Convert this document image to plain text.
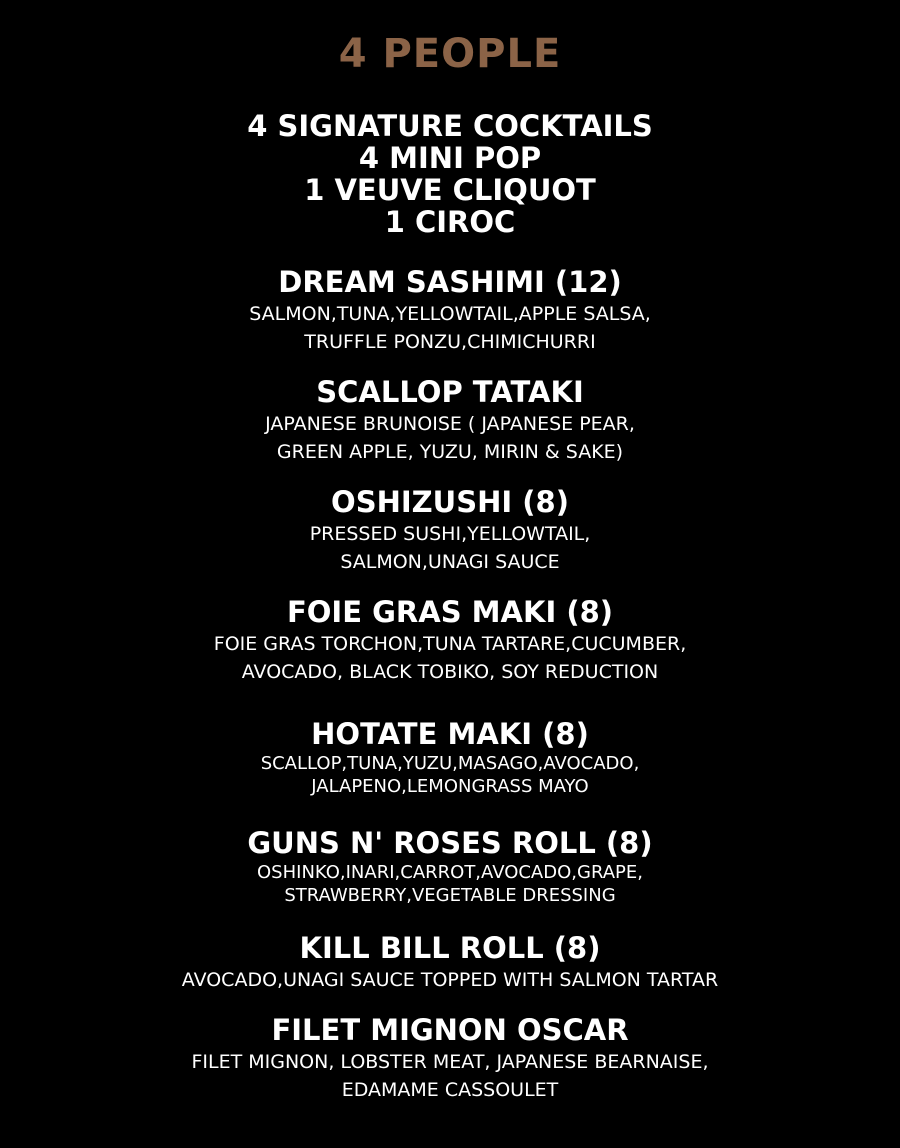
4 PEOPLE
4 SIGNATURE COCKTAILS
4 MINI POP
1 VEUVE CLIQUOT
1 CIROC
DREAM SASHIMI (12)
SALMON,TUNA,YELLOWTAIL,APPLE SALSA,
TRUFFLE PONZU,CHIMICHURRI
SCALLOP TATAKI
JAPANESE BRUNOISE ( JAPANESE PEAR,
GREEN APPLE, YUZU, MIRIN & SAKE)
OSHIZUSHI (8)
PRESSED SUSHI,YELLOWTAIL,
SALMON,UNAGI SAUCE
FOIE GRAS MAKI (8)
FOIE GRAS TORCHON,TUNA TARTARE,CUCUMBER,
AVOCADO, BLACK TOBIKO, SOY REDUCTION
HOTATE MAKI (8)
SCALLOP,TUNA,YUZU,MASAGO,AVOCADO,
JALAPENO,LEMONGRASS MAYO
GUNS N' ROSES ROLL (8)
OSHINKO,INARI,CARROT,AVOCADO,GRAPE,
STRAWBERRY,VEGETABLE DRESSING
KILL BILL ROLL (8)
AVOCADO,UNAGI SAUCE TOPPED WITH SALMON TARTAR
FILET MIGNON OSCAR
FILET MIGNON, LOBSTER MEAT, JAPANESE BEARNAISE,
EDAMAME CASSOULET
